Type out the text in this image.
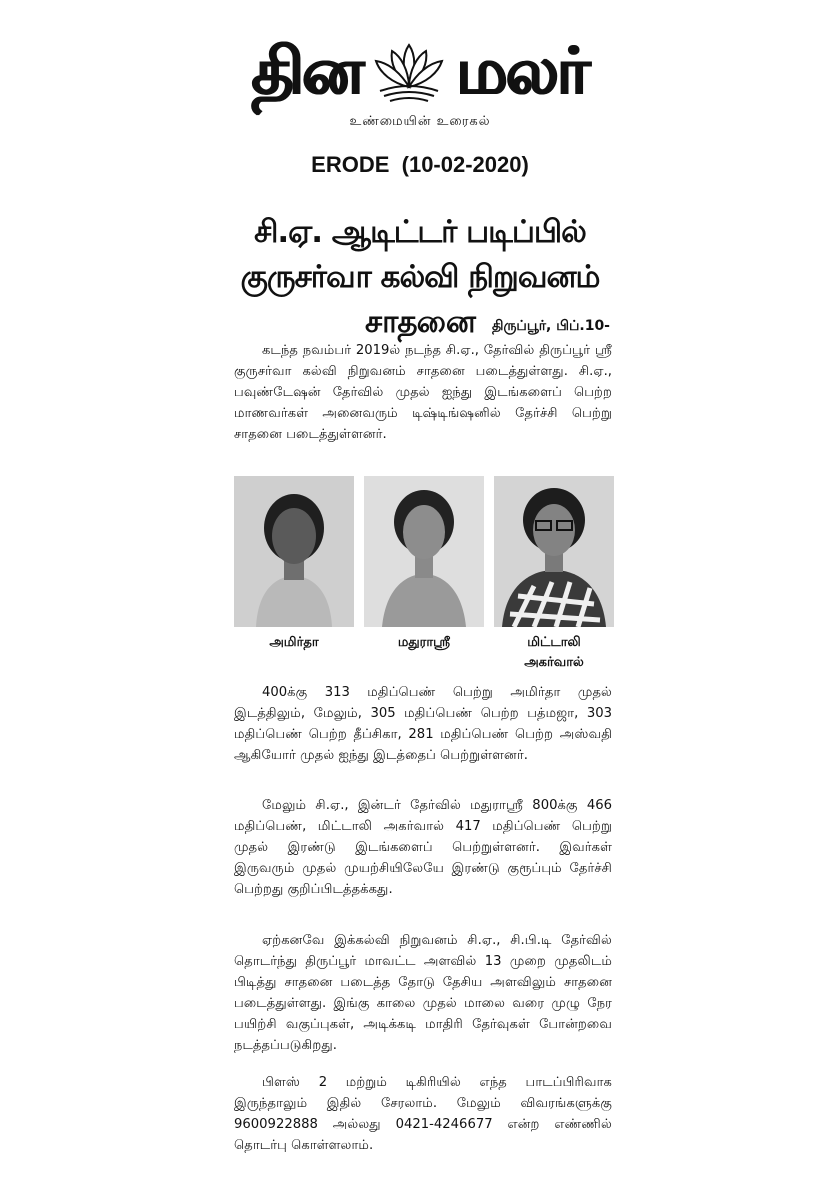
தின மலர்
உண்மையின் உரைகல்
ERODE  (10-02-2020)
சி.ஏ. ஆடிட்டர் படிப்பில்
குருசர்வா கல்வி நிறுவனம் சாதனை	திருப்பூர், பிப்.10-

கடந்த நவம்பர் 2019ல் நடந்த சி.ஏ., தேர்வில் திருப்பூர் ஸ்ரீ குருசர்வா கல்வி நிறுவனம் சாதனை படைத்துள்ளது. சி.ஏ., பவுண்டேஷன் தேர்வில் முதல் ஐந்து இடங்களைப் பெற்ற மாணவர்கள் அனைவரும் டிஷ்டிங்ஷனில் தேர்ச்சி பெற்று சாதனை படைத்துள்ளனர்.

அமிர்தா	மதுராஸ்ரீ	மிட்டாலி
அகர்வால்

400க்கு 313 மதிப்பெண் பெற்று அமிர்தா முதல் இடத்திலும், மேலும், 305 மதிப்பெண் பெற்ற பத்மஜா, 303 மதிப்பெண் பெற்ற தீப்சிகா, 281 மதிப்பெண் பெற்ற அஸ்வதி ஆகியோர் முதல் ஐந்து இடத்தைப் பெற்றுள்ளனர்.

மேலும் சி.ஏ., இன்டர் தேர்வில் மதுராஸ்ரீ 800க்கு 466 மதிப்பெண், மிட்டாலி அகர்வால் 417 மதிப்பெண் பெற்று முதல் இரண்டு இடங்களைப் பெற்றுள்ளனர். இவர்கள் இருவரும் முதல் முயற்சியிலேயே இரண்டு குரூப்பும் தேர்ச்சி பெற்றது குறிப்பிடத்தக்கது.

ஏற்கனவே இக்கல்வி நிறுவனம் சி.ஏ., சி.பி.டி தேர்வில் தொடர்ந்து திருப்பூர் மாவட்ட அளவில் 13 முறை முதலிடம் பிடித்து சாதனை படைத்த தோடு தேசிய அளவிலும் சாதனை படைத்துள்ளது. இங்கு காலை முதல் மாலை வரை முழு நேர பயிற்சி வகுப்புகள், அடிக்கடி மாதிரி தேர்வுகள் போன்றவை நடத்தப்படுகிறது.

பிளஸ் 2 மற்றும் டிகிரியில் எந்த பாடப்பிரிவாக இருந்தாலும் இதில் சேரலாம். மேலும் விவரங்களுக்கு 9600922888 அல்லது 0421-4246677 என்ற எண்ணில் தொடர்பு கொள்ளலாம்.
